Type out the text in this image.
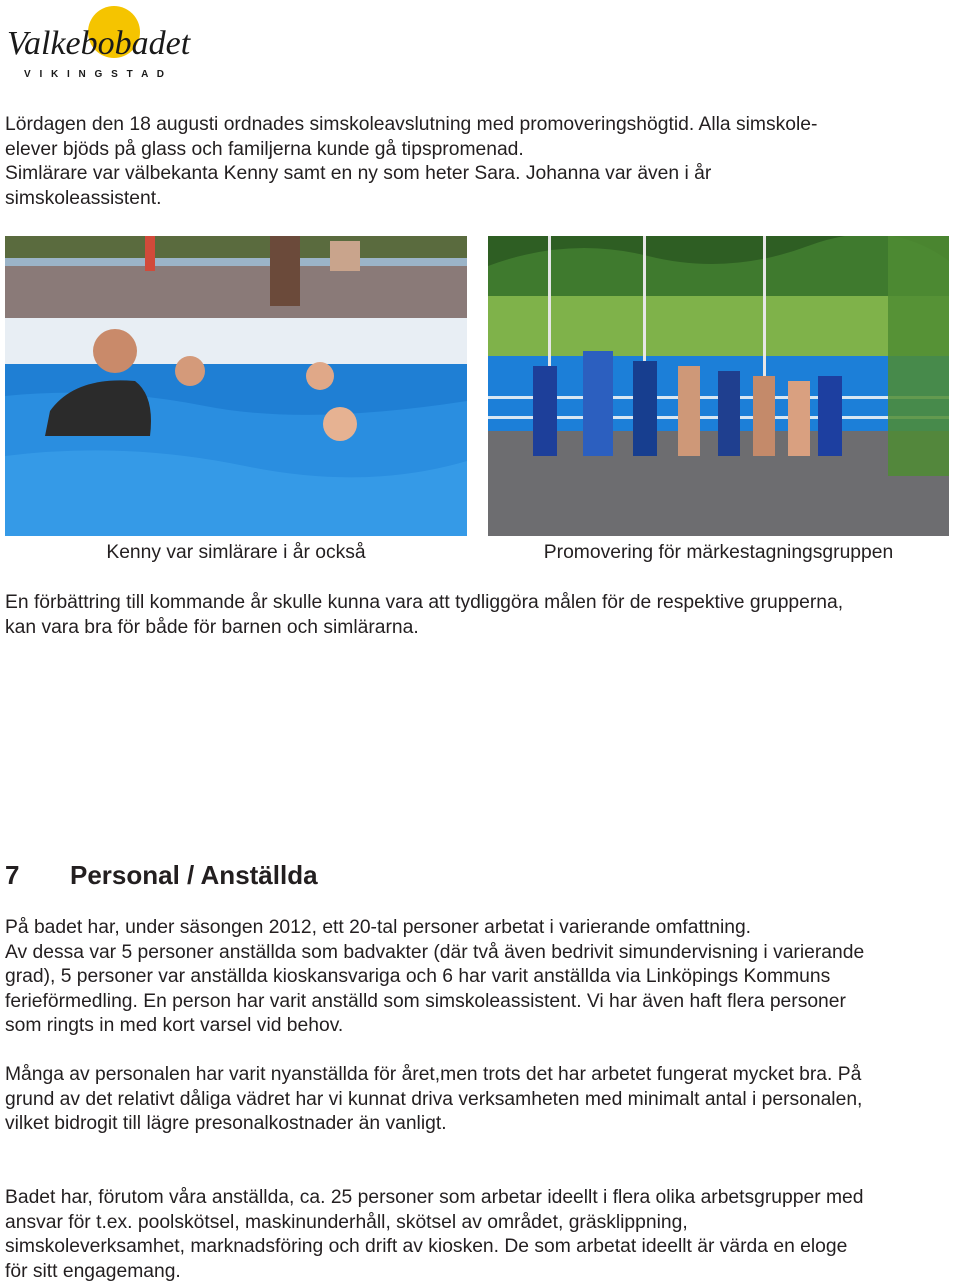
Valkebobadet
V I K I N G S T A D
Lördagen den 18 augusti ordnades simskoleavslutning med promoveringshögtid. Alla simskole-
elever bjöds på glass och familjerna kunde gå tipspromenad.
Simlärare var välbekanta Kenny samt en ny som heter Sara. Johanna var även i år
simskoleassistent.
Kenny var simlärare i år också	Promovering för märkestagningsgruppen
En förbättring till kommande år skulle kunna vara att tydliggöra målen för de respektive grupperna,
kan vara bra för både för barnen och simlärarna.
7 Personal / Anställda
På badet har, under säsongen 2012, ett 20-tal personer arbetat i varierande omfattning.
Av dessa var 5 personer anställda som badvakter (där två även bedrivit simundervisning i varierande
grad), 5 personer var anställda kioskansvariga och 6 har varit anställda via Linköpings Kommuns
ferieförmedling. En person har varit anställd som simskoleassistent. Vi har även haft flera personer
som ringts in med kort varsel vid behov.
Många av personalen har varit nyanställda för året,men trots det har arbetet fungerat mycket bra. På
grund av det relativt dåliga vädret har vi kunnat driva verksamheten med minimalt antal i personalen,
vilket bidrogit till lägre presonalkostnader än vanligt.
Badet har, förutom våra anställda, ca. 25 personer som arbetar ideellt i flera olika arbetsgrupper med
ansvar för t.ex. poolskötsel, maskinunderhåll, skötsel av området, gräsklippning,
simskoleverksamhet, marknadsföring och drift av kiosken. De som arbetat ideellt är värda en eloge
för sitt engagemang.
